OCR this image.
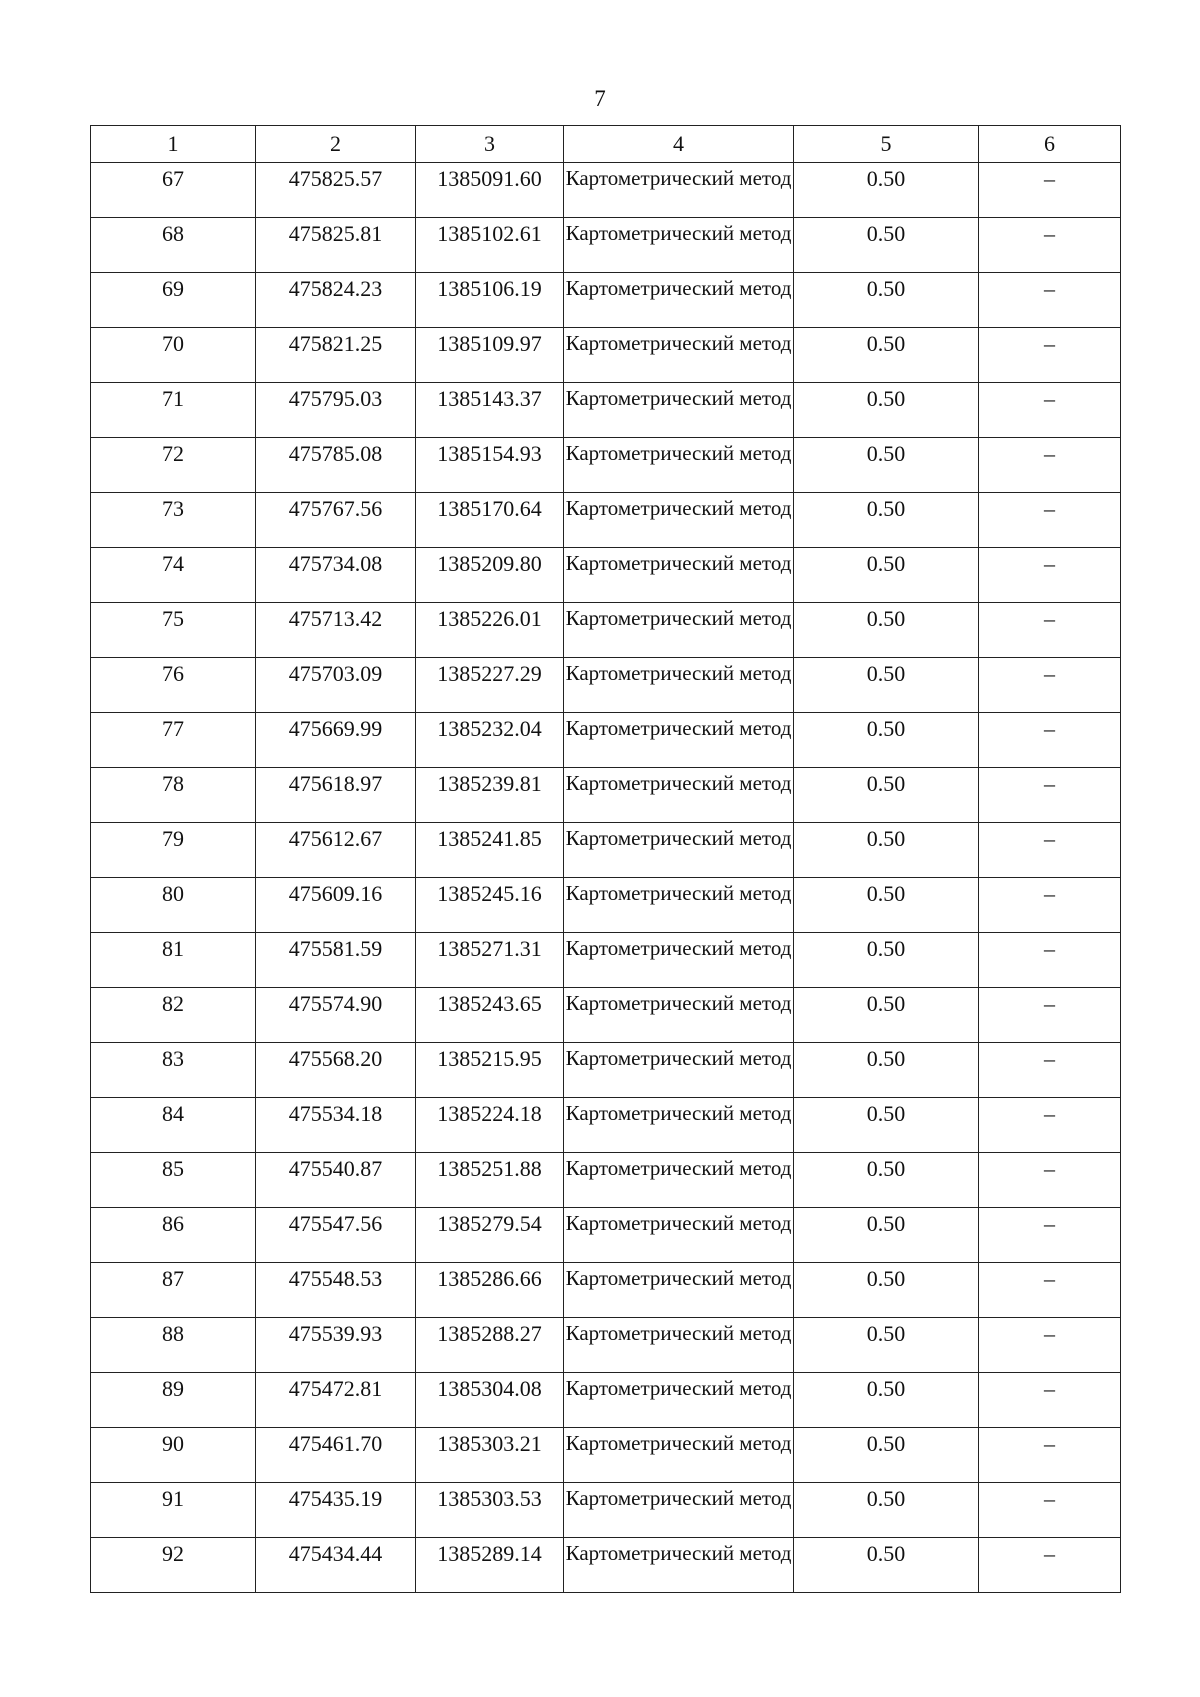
7
1	2	3	4	5	6
67	475825.57	1385091.60	Картометрический метод	0.50	–
68	475825.81	1385102.61	Картометрический метод	0.50	–
69	475824.23	1385106.19	Картометрический метод	0.50	–
70	475821.25	1385109.97	Картометрический метод	0.50	–
71	475795.03	1385143.37	Картометрический метод	0.50	–
72	475785.08	1385154.93	Картометрический метод	0.50	–
73	475767.56	1385170.64	Картометрический метод	0.50	–
74	475734.08	1385209.80	Картометрический метод	0.50	–
75	475713.42	1385226.01	Картометрический метод	0.50	–
76	475703.09	1385227.29	Картометрический метод	0.50	–
77	475669.99	1385232.04	Картометрический метод	0.50	–
78	475618.97	1385239.81	Картометрический метод	0.50	–
79	475612.67	1385241.85	Картометрический метод	0.50	–
80	475609.16	1385245.16	Картометрический метод	0.50	–
81	475581.59	1385271.31	Картометрический метод	0.50	–
82	475574.90	1385243.65	Картометрический метод	0.50	–
83	475568.20	1385215.95	Картометрический метод	0.50	–
84	475534.18	1385224.18	Картометрический метод	0.50	–
85	475540.87	1385251.88	Картометрический метод	0.50	–
86	475547.56	1385279.54	Картометрический метод	0.50	–
87	475548.53	1385286.66	Картометрический метод	0.50	–
88	475539.93	1385288.27	Картометрический метод	0.50	–
89	475472.81	1385304.08	Картометрический метод	0.50	–
90	475461.70	1385303.21	Картометрический метод	0.50	–
91	475435.19	1385303.53	Картометрический метод	0.50	–
92	475434.44	1385289.14	Картометрический метод	0.50	–
